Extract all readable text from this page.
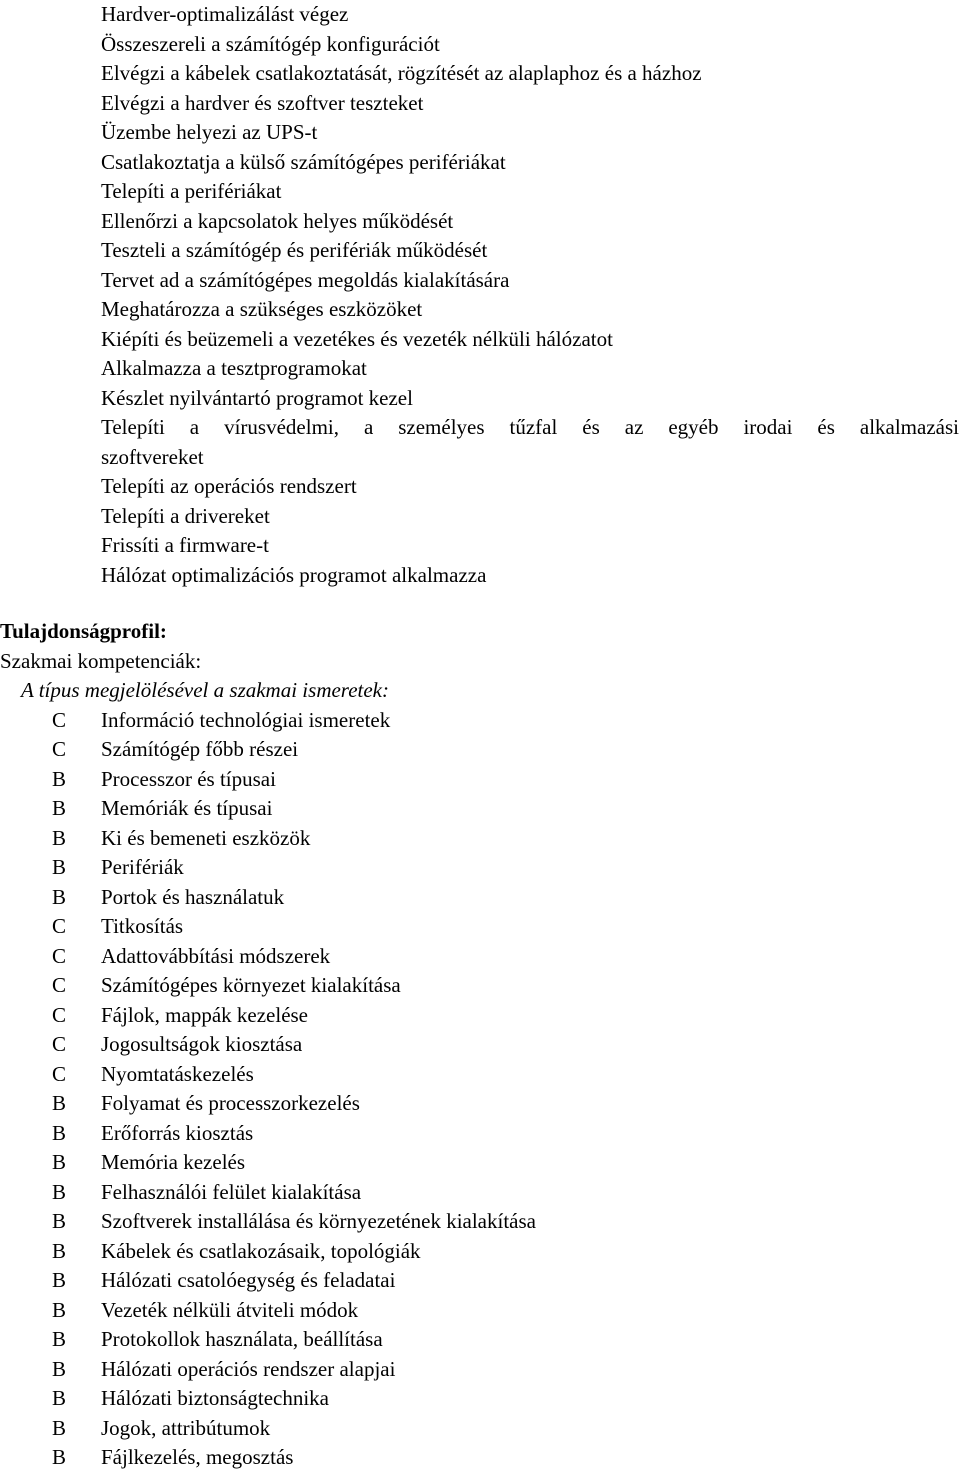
Hardver-optimalizálást végez
Összeszereli a számítógép konfigurációt
Elvégzi a kábelek csatlakoztatását, rögzítését az alaplaphoz és a házhoz
Elvégzi a hardver és szoftver teszteket
Üzembe helyezi az UPS-t
Csatlakoztatja a külső számítógépes perifériákat
Telepíti a perifériákat
Ellenőrzi a kapcsolatok helyes működését
Teszteli a számítógép és perifériák működését
Tervet ad a számítógépes megoldás kialakítására
Meghatározza a szükséges eszközöket
Kiépíti és beüzemeli a vezetékes és vezeték nélküli hálózatot
Alkalmazza a tesztprogramokat
Készlet nyilvántartó programot kezel
Telepíti a vírusvédelmi, a személyes tűzfal és az egyéb irodai és alkalmazási
szoftvereket
Telepíti az operációs rendszert
Telepíti a drivereket
Frissíti a firmware-t
Hálózat optimalizációs programot alkalmazza
Tulajdonságprofil:
Szakmai kompetenciák:
A típus megjelölésével a szakmai ismeretek:
C Információ technológiai ismeretek
C Számítógép főbb részei
B Processzor és típusai
B Memóriák és típusai
B Ki és bemeneti eszközök
B Perifériák
B Portok és használatuk
C Titkosítás
C Adattovábbítási módszerek
C Számítógépes környezet kialakítása
C Fájlok, mappák kezelése
C Jogosultságok kiosztása
C Nyomtatáskezelés
B Folyamat és processzorkezelés
B Erőforrás kiosztás
B Memória kezelés
B Felhasználói felület kialakítása
B Szoftverek installálása és környezetének kialakítása
B Kábelek és csatlakozásaik, topológiák
B Hálózati csatolóegység és feladatai
B Vezeték nélküli átviteli módok
B Protokollok használata, beállítása
B Hálózati operációs rendszer alapjai
B Hálózati biztonságtechnika
B Jogok, attribútumok
B Fájlkezelés, megosztás
